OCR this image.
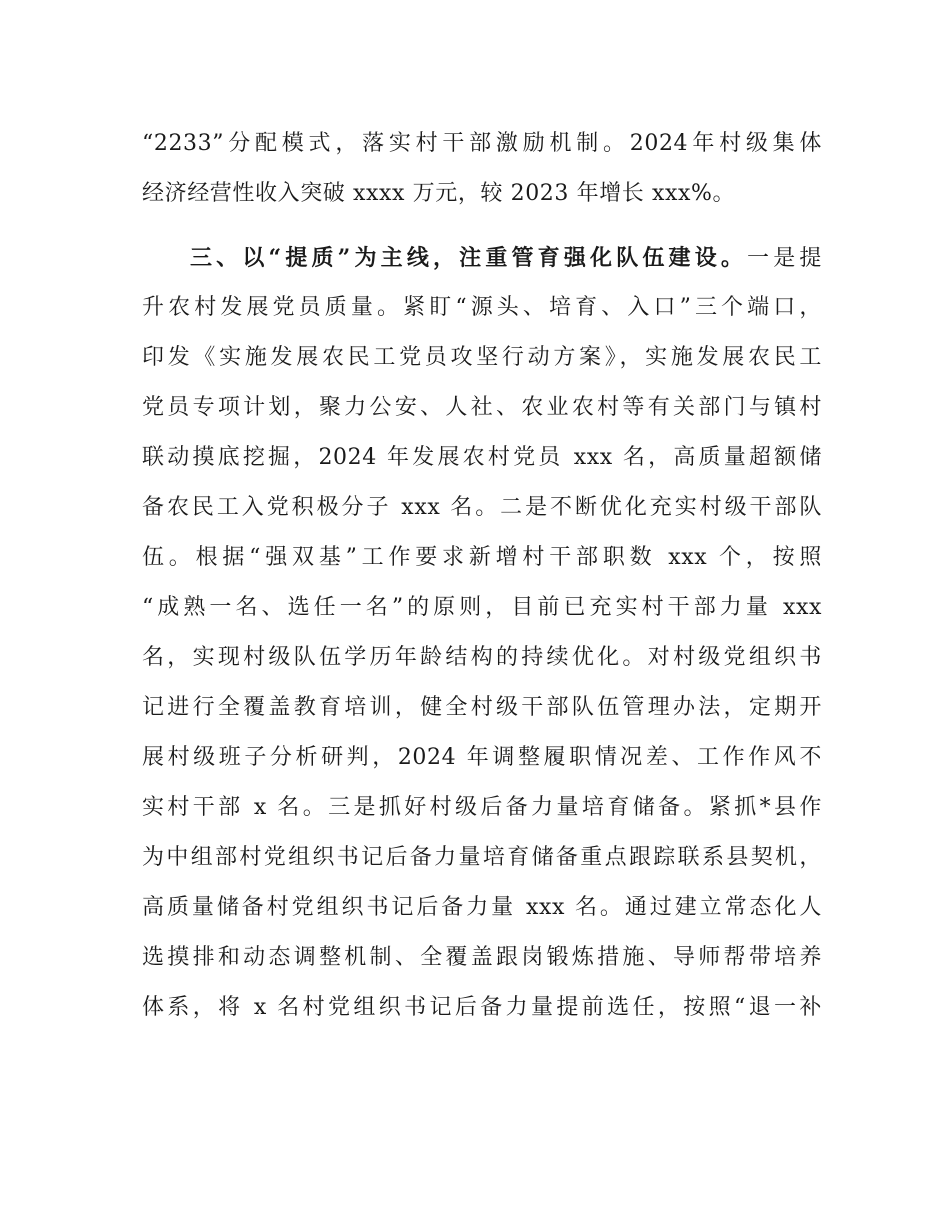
“2233”分配模式，落实村干部激励机制。2024年村级集体
经济经营性收入突破 xxxx 万元，较 2023 年增长 xxx%。
三、以“提质”为主线，注重管育强化队伍建设。一是提
升农村发展党员质量。紧盯“源头、培育、入口”三个端口，
印发《实施发展农民工党员攻坚行动方案》，实施发展农民工
党员专项计划，聚力公安、人社、农业农村等有关部门与镇村
联动摸底挖掘，2024 年发展农村党员 xxx 名，高质量超额储
备农民工入党积极分子 xxx 名。二是不断优化充实村级干部队
伍。根据“强双基”工作要求新增村干部职数 xxx 个，按照
“成熟一名、选任一名”的原则，目前已充实村干部力量 xxx
名，实现村级队伍学历年龄结构的持续优化。对村级党组织书
记进行全覆盖教育培训，健全村级干部队伍管理办法，定期开
展村级班子分析研判，2024 年调整履职情况差、工作作风不
实村干部 x 名。三是抓好村级后备力量培育储备。紧抓*县作
为中组部村党组织书记后备力量培育储备重点跟踪联系县契机，
高质量储备村党组织书记后备力量 xxx 名。通过建立常态化人
选摸排和动态调整机制、全覆盖跟岗锻炼措施、导师帮带培养
体系，将 x 名村党组织书记后备力量提前选任，按照“退一补
